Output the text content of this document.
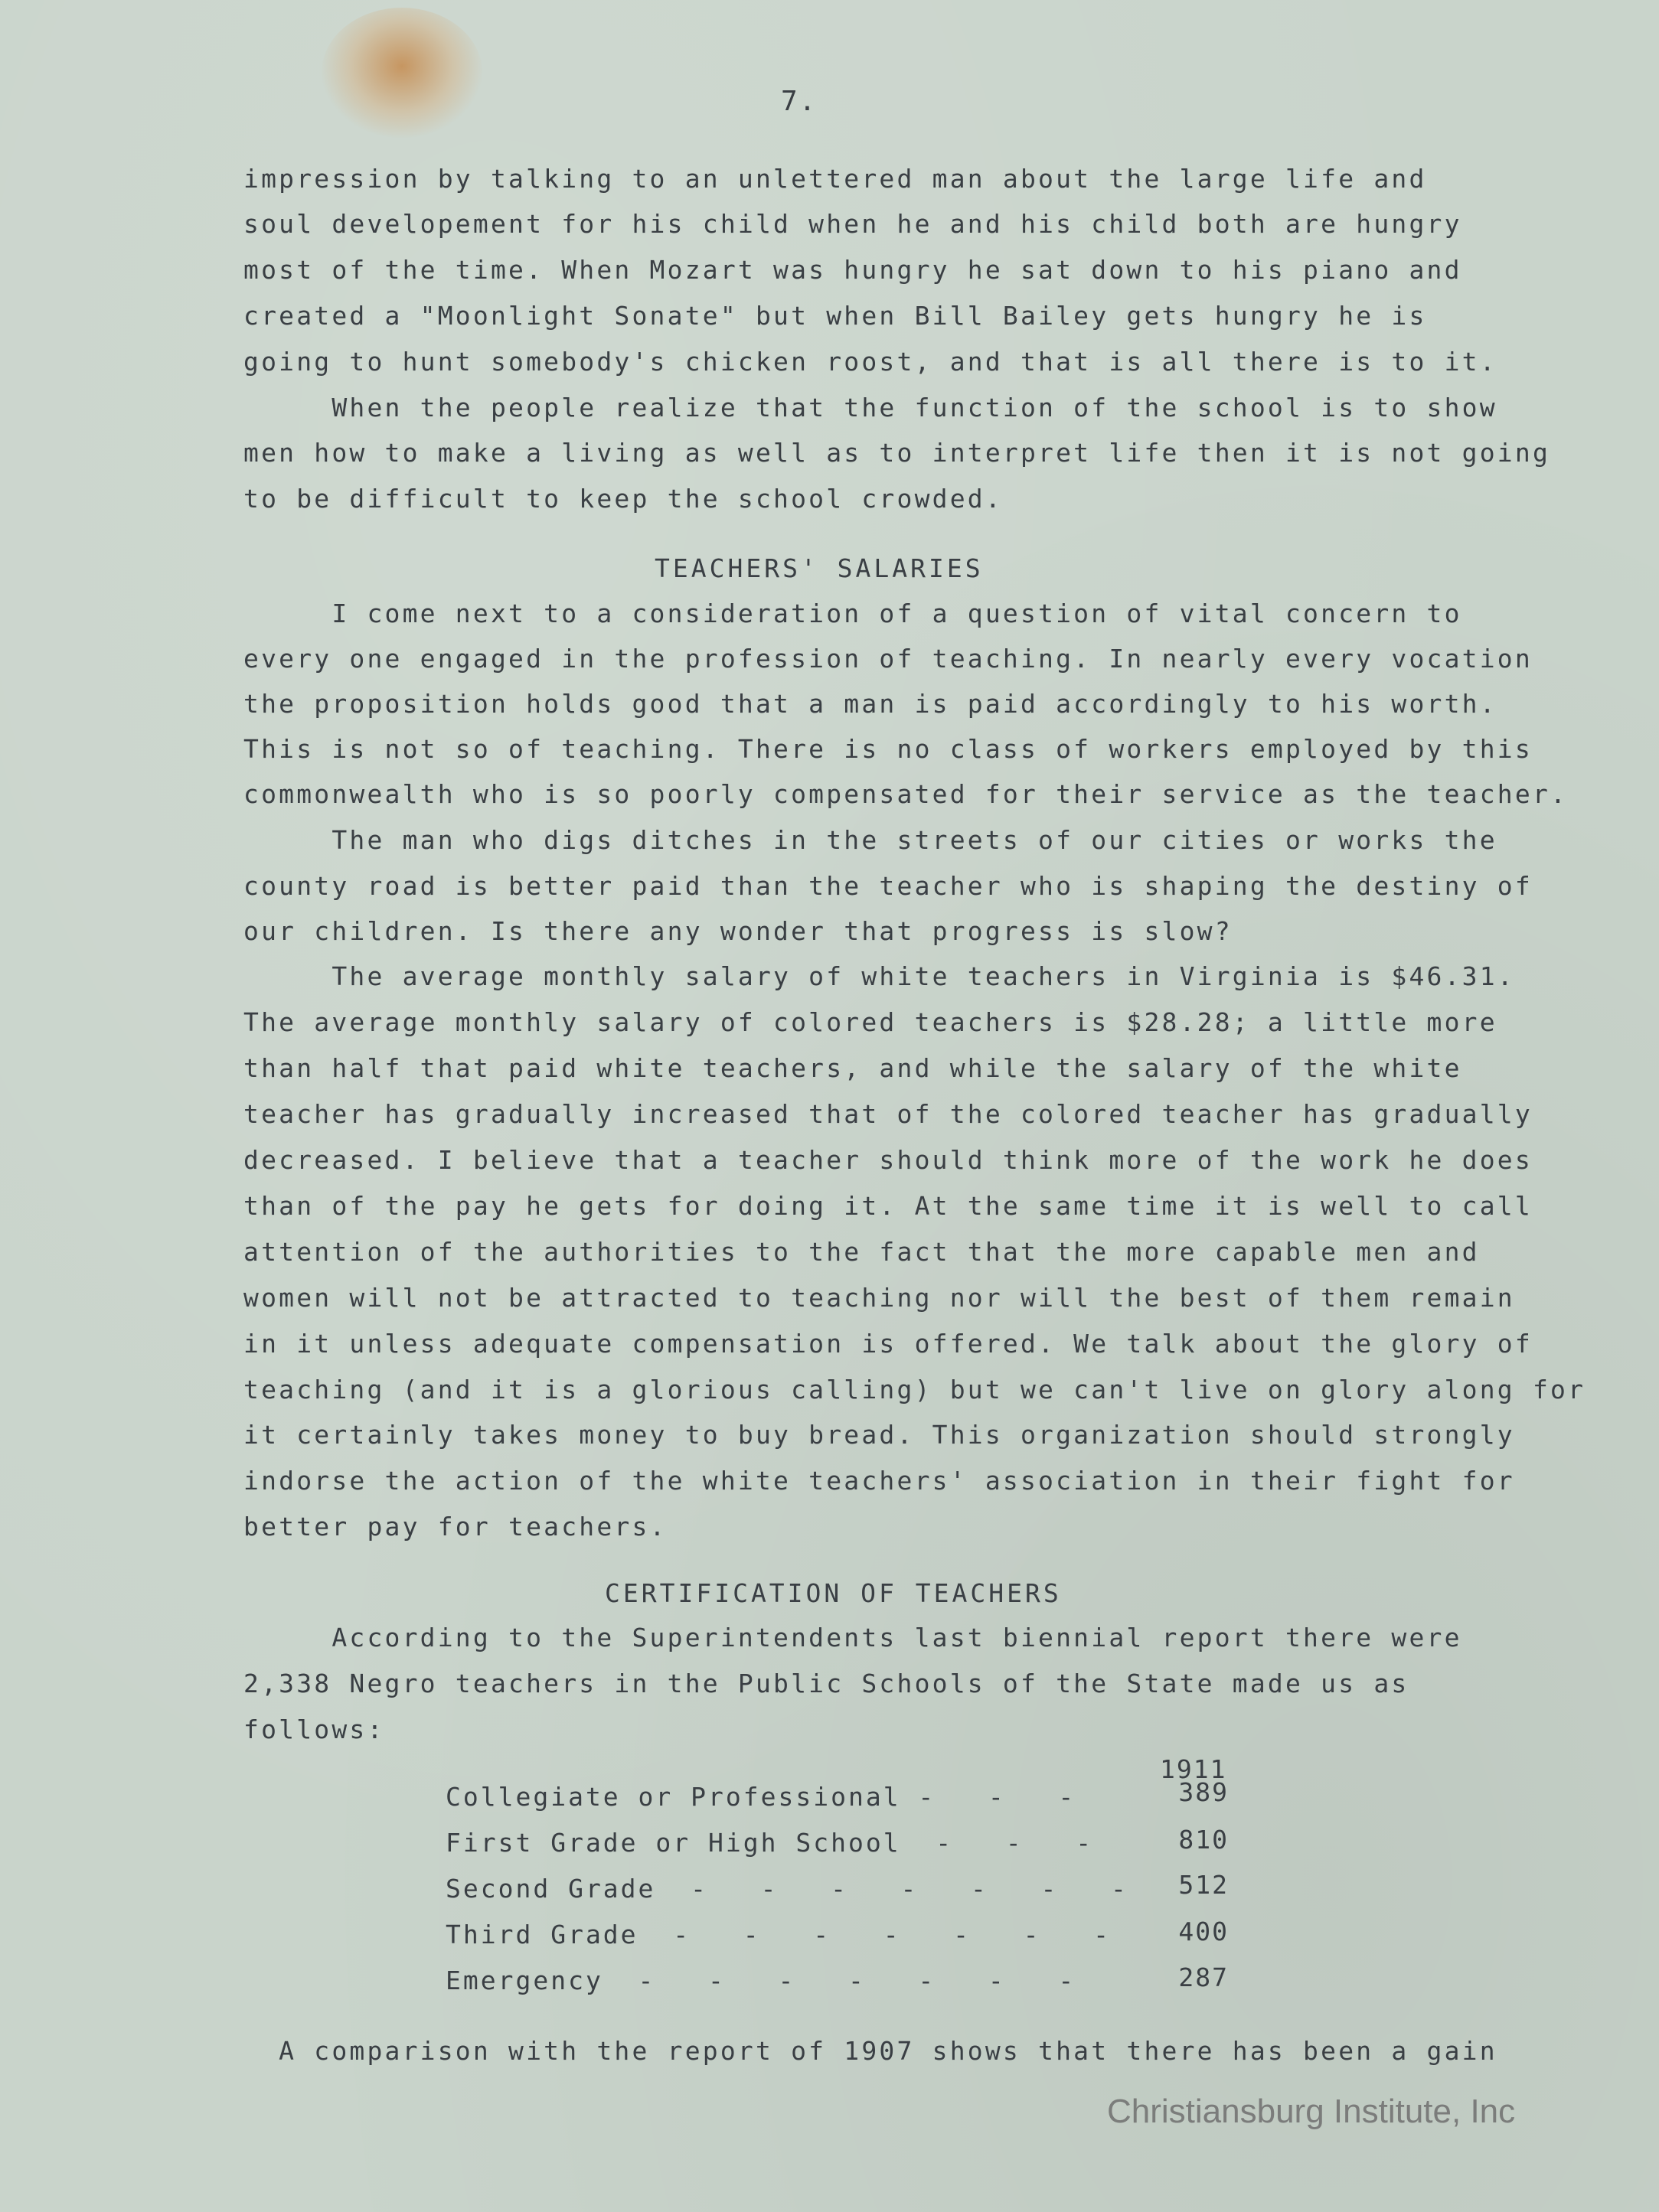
7.
impression by talking to an unlettered man about the large life and
soul developement for his child when he and his child both are hungry
most of the time. When Mozart was hungry he sat down to his piano and
created a "Moonlight Sonate" but when Bill Bailey gets hungry he is
going to hunt somebody's chicken roost, and that is all there is to it.
When the people realize that the function of the school is to show
men how to make a living as well as to interpret life then it is not going
to be difficult to keep the school crowded.
TEACHERS' SALARIES
I come next to a consideration of a question of vital concern to
every one engaged in the profession of teaching. In nearly every vocation
the proposition holds good that a man is paid accordingly to his worth.
This is not so of teaching. There is no class of workers employed by this
commonwealth who is so poorly compensated for their service as the teacher.
The man who digs ditches in the streets of our cities or works the
county road is better paid than the teacher who is shaping the destiny of
our children. Is there any wonder that progress is slow?
The average monthly salary of white teachers in Virginia is $46.31.
The average monthly salary of colored teachers is $28.28; a little more
than half that paid white teachers, and while the salary of the white
teacher has gradually increased that of the colored teacher has gradually
decreased. I believe that a teacher should think more of the work he does
than of the pay he gets for doing it. At the same time it is well to call
attention of the authorities to the fact that the more capable men and
women will not be attracted to teaching nor will the best of them remain
in it unless adequate compensation is offered. We talk about the glory of
teaching (and it is a glorious calling) but we can't live on glory along for
it certainly takes money to buy bread. This organization should strongly
indorse the action of the white teachers' association in their fight for
better pay for teachers.
CERTIFICATION OF TEACHERS
According to the Superintendents last biennial report there were
2,338 Negro teachers in the Public Schools of the State made us as
follows:
1911
Collegiate or Professional -   -   -	389
First Grade or High School  -   -   -	810
Second Grade  -   -   -   -   -   -   -	512
Third Grade  -   -   -   -   -   -   -	400
Emergency  -   -   -   -   -   -   -	287
A comparison with the report of 1907 shows that there has been a gain
Christiansburg Institute, Inc
